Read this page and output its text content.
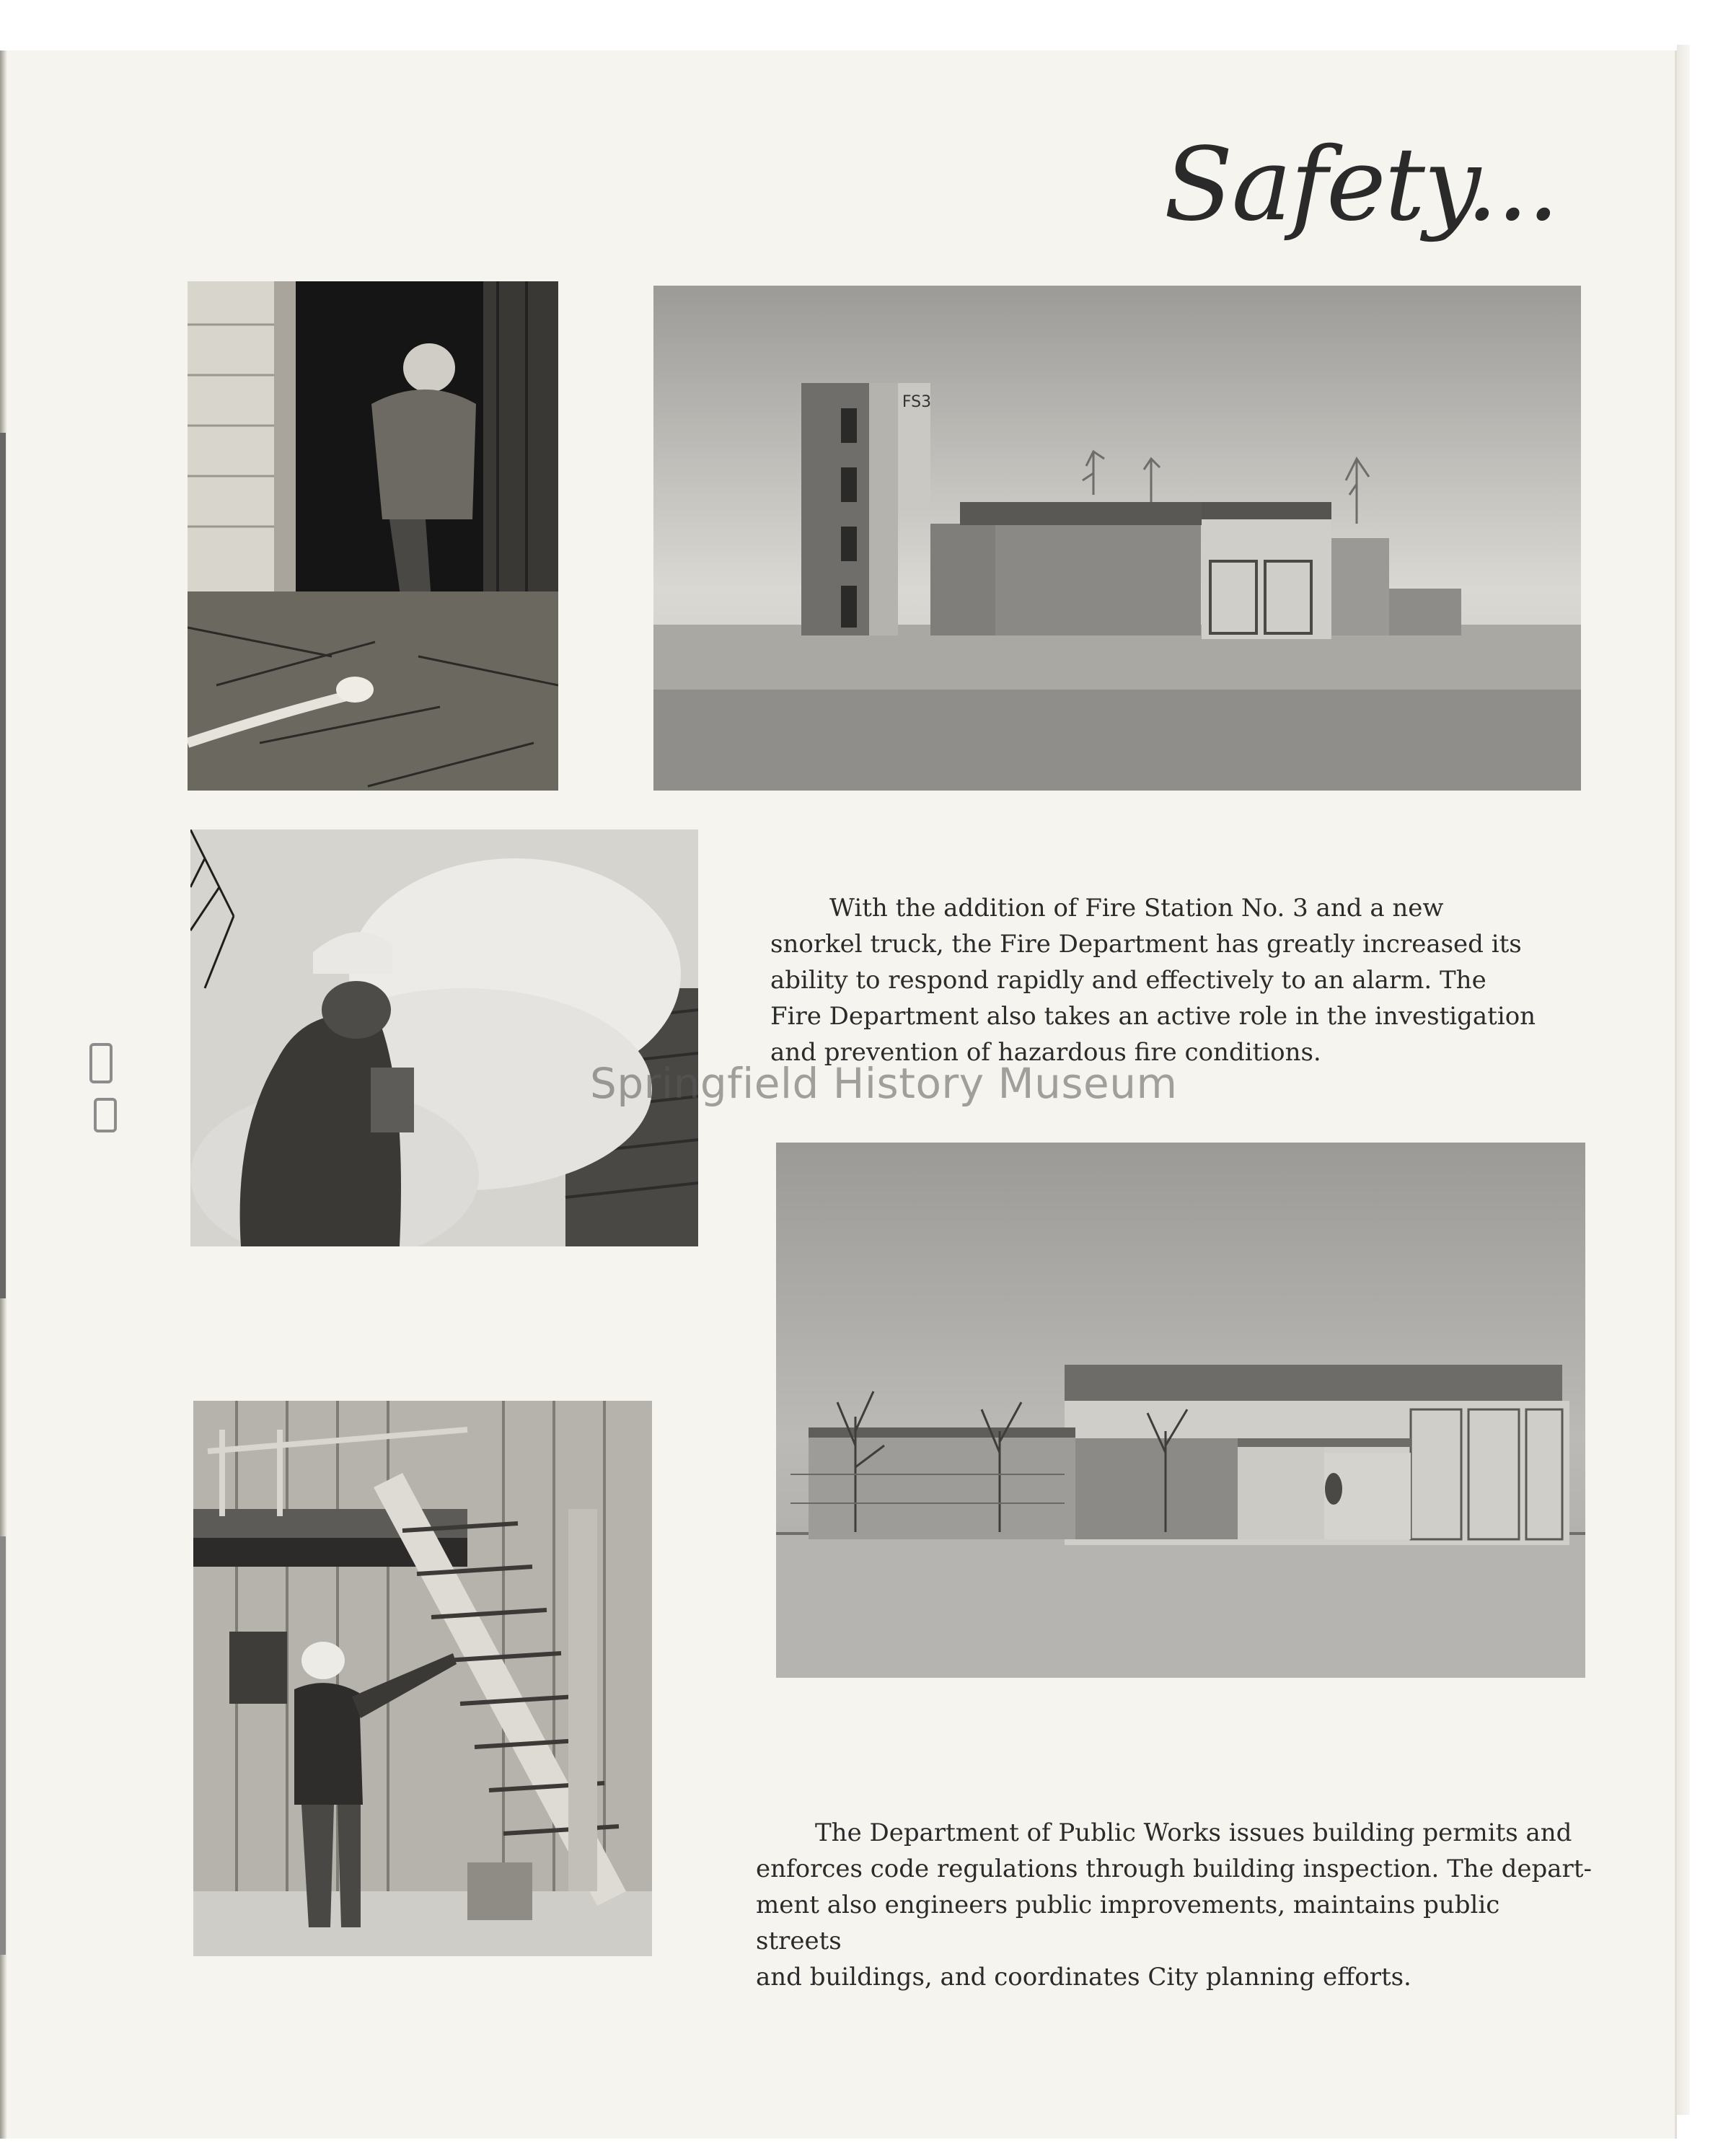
Safety...
FS3

With the addition of Fire Station No. 3 and a new
snorkel truck, the Fire Department has greatly increased its
ability to respond rapidly and effectively to an alarm. The
Fire Department also takes an active role in the investigation
and prevention of hazardous fire conditions.

Springfield History Museum

The Department of Public Works issues building permits and
enforces code regulations through building inspection. The depart-
ment also engineers public improvements, maintains public streets
and buildings, and coordinates City planning efforts.
